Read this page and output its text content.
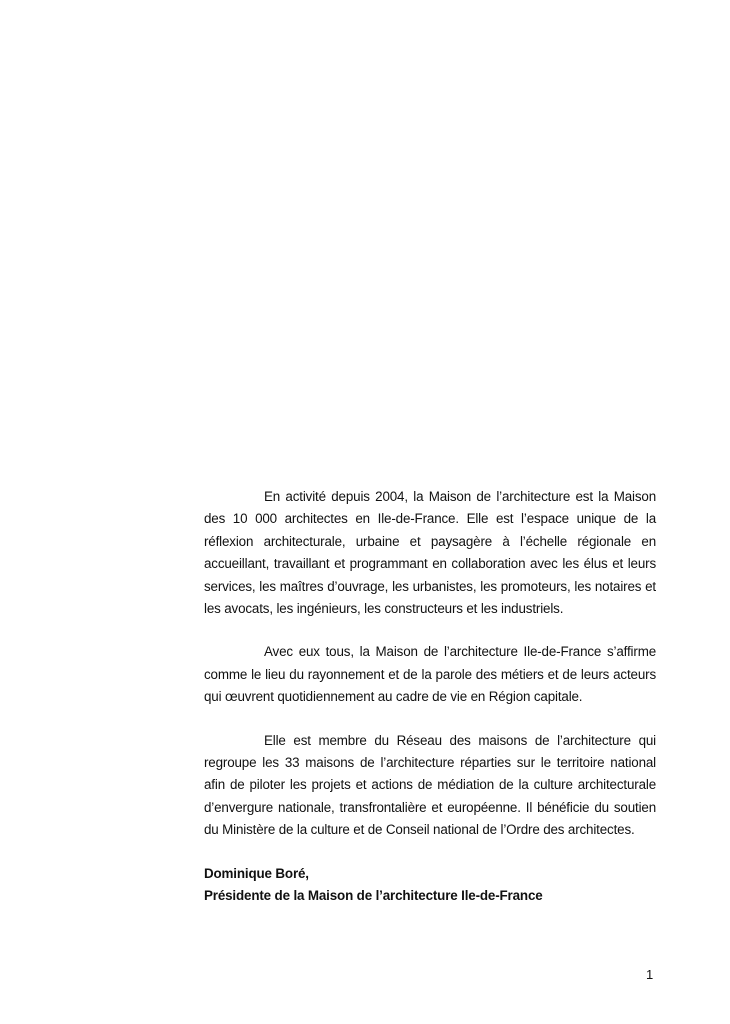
En activité depuis 2004, la Maison de l’architecture est la Maison des 10 000 architectes en Ile-de-France. Elle est l’espace unique de la réflexion architecturale, urbaine et paysagère à l’échelle régionale en accueillant, travaillant et programmant en collaboration avec les élus et leurs services, les maîtres d’ouvrage, les urbanistes, les promoteurs, les notaires et les avocats, les ingénieurs, les constructeurs et les industriels.

Avec eux tous, la Maison de l’architecture Ile-de-France s’affirme comme le lieu du rayonnement et de la parole des métiers et de leurs acteurs qui œuvrent quotidiennement au cadre de vie en Région capitale.

Elle est membre du Réseau des maisons de l’architecture qui regroupe les 33 maisons de l’architecture réparties sur le territoire national afin de piloter les projets et actions de médiation de la culture architecturale d’envergure nationale, transfrontalière et européenne. Il bénéficie du soutien du Ministère de la culture et de Conseil national de l’Ordre des architectes.

Dominique Boré,
Présidente de la Maison de l’architecture Ile-de-France

1
